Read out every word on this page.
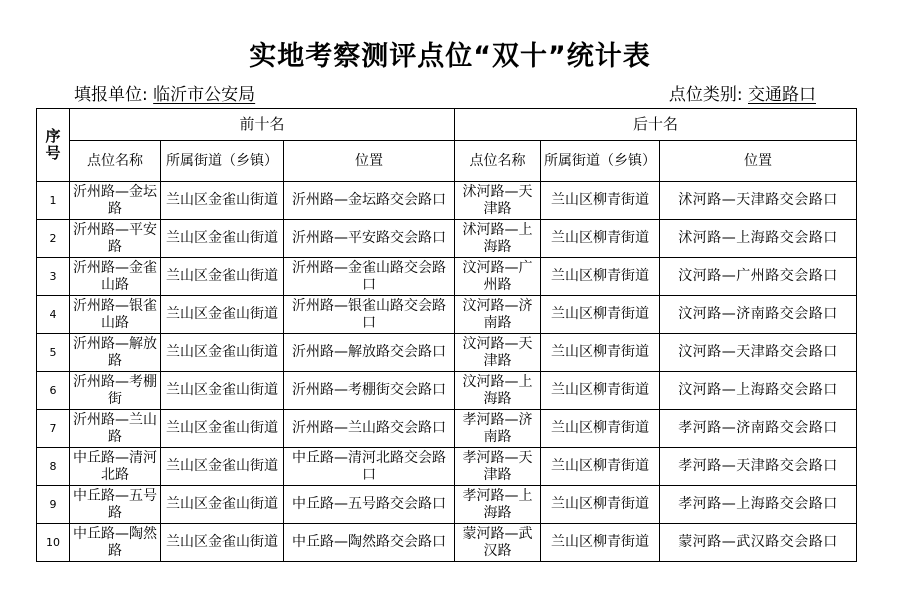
实地考察测评点位“双十”统计表
填报单位: 临沂市公安局	点位类别: 交通路口
序号	前十名			后十名		
	点位名称	所属街道（乡镇）	位置	点位名称	所属街道（乡镇）	位置
1	沂州路—金坛路	兰山区金雀山街道	沂州路—金坛路交会路口	沭河路—天津路	兰山区柳青街道	沭河路—天津路交会路口
2	沂州路—平安路	兰山区金雀山街道	沂州路—平安路交会路口	沭河路—上海路	兰山区柳青街道	沭河路—上海路交会路口
3	沂州路—金雀山路	兰山区金雀山街道	沂州路—金雀山路交会路口	汶河路—广州路	兰山区柳青街道	汶河路—广州路交会路口
4	沂州路—银雀山路	兰山区金雀山街道	沂州路—银雀山路交会路口	汶河路—济南路	兰山区柳青街道	汶河路—济南路交会路口
5	沂州路—解放路	兰山区金雀山街道	沂州路—解放路交会路口	汶河路—天津路	兰山区柳青街道	汶河路—天津路交会路口
6	沂州路—考棚街	兰山区金雀山街道	沂州路—考棚街交会路口	汶河路—上海路	兰山区柳青街道	汶河路—上海路交会路口
7	沂州路—兰山路	兰山区金雀山街道	沂州路—兰山路交会路口	孝河路—济南路	兰山区柳青街道	孝河路—济南路交会路口
8	中丘路—清河北路	兰山区金雀山街道	中丘路—清河北路交会路口	孝河路—天津路	兰山区柳青街道	孝河路—天津路交会路口
9	中丘路—五号路	兰山区金雀山街道	中丘路—五号路交会路口	孝河路—上海路	兰山区柳青街道	孝河路—上海路交会路口
10	中丘路—陶然路	兰山区金雀山街道	中丘路—陶然路交会路口	蒙河路—武汉路	兰山区柳青街道	蒙河路—武汉路交会路口
